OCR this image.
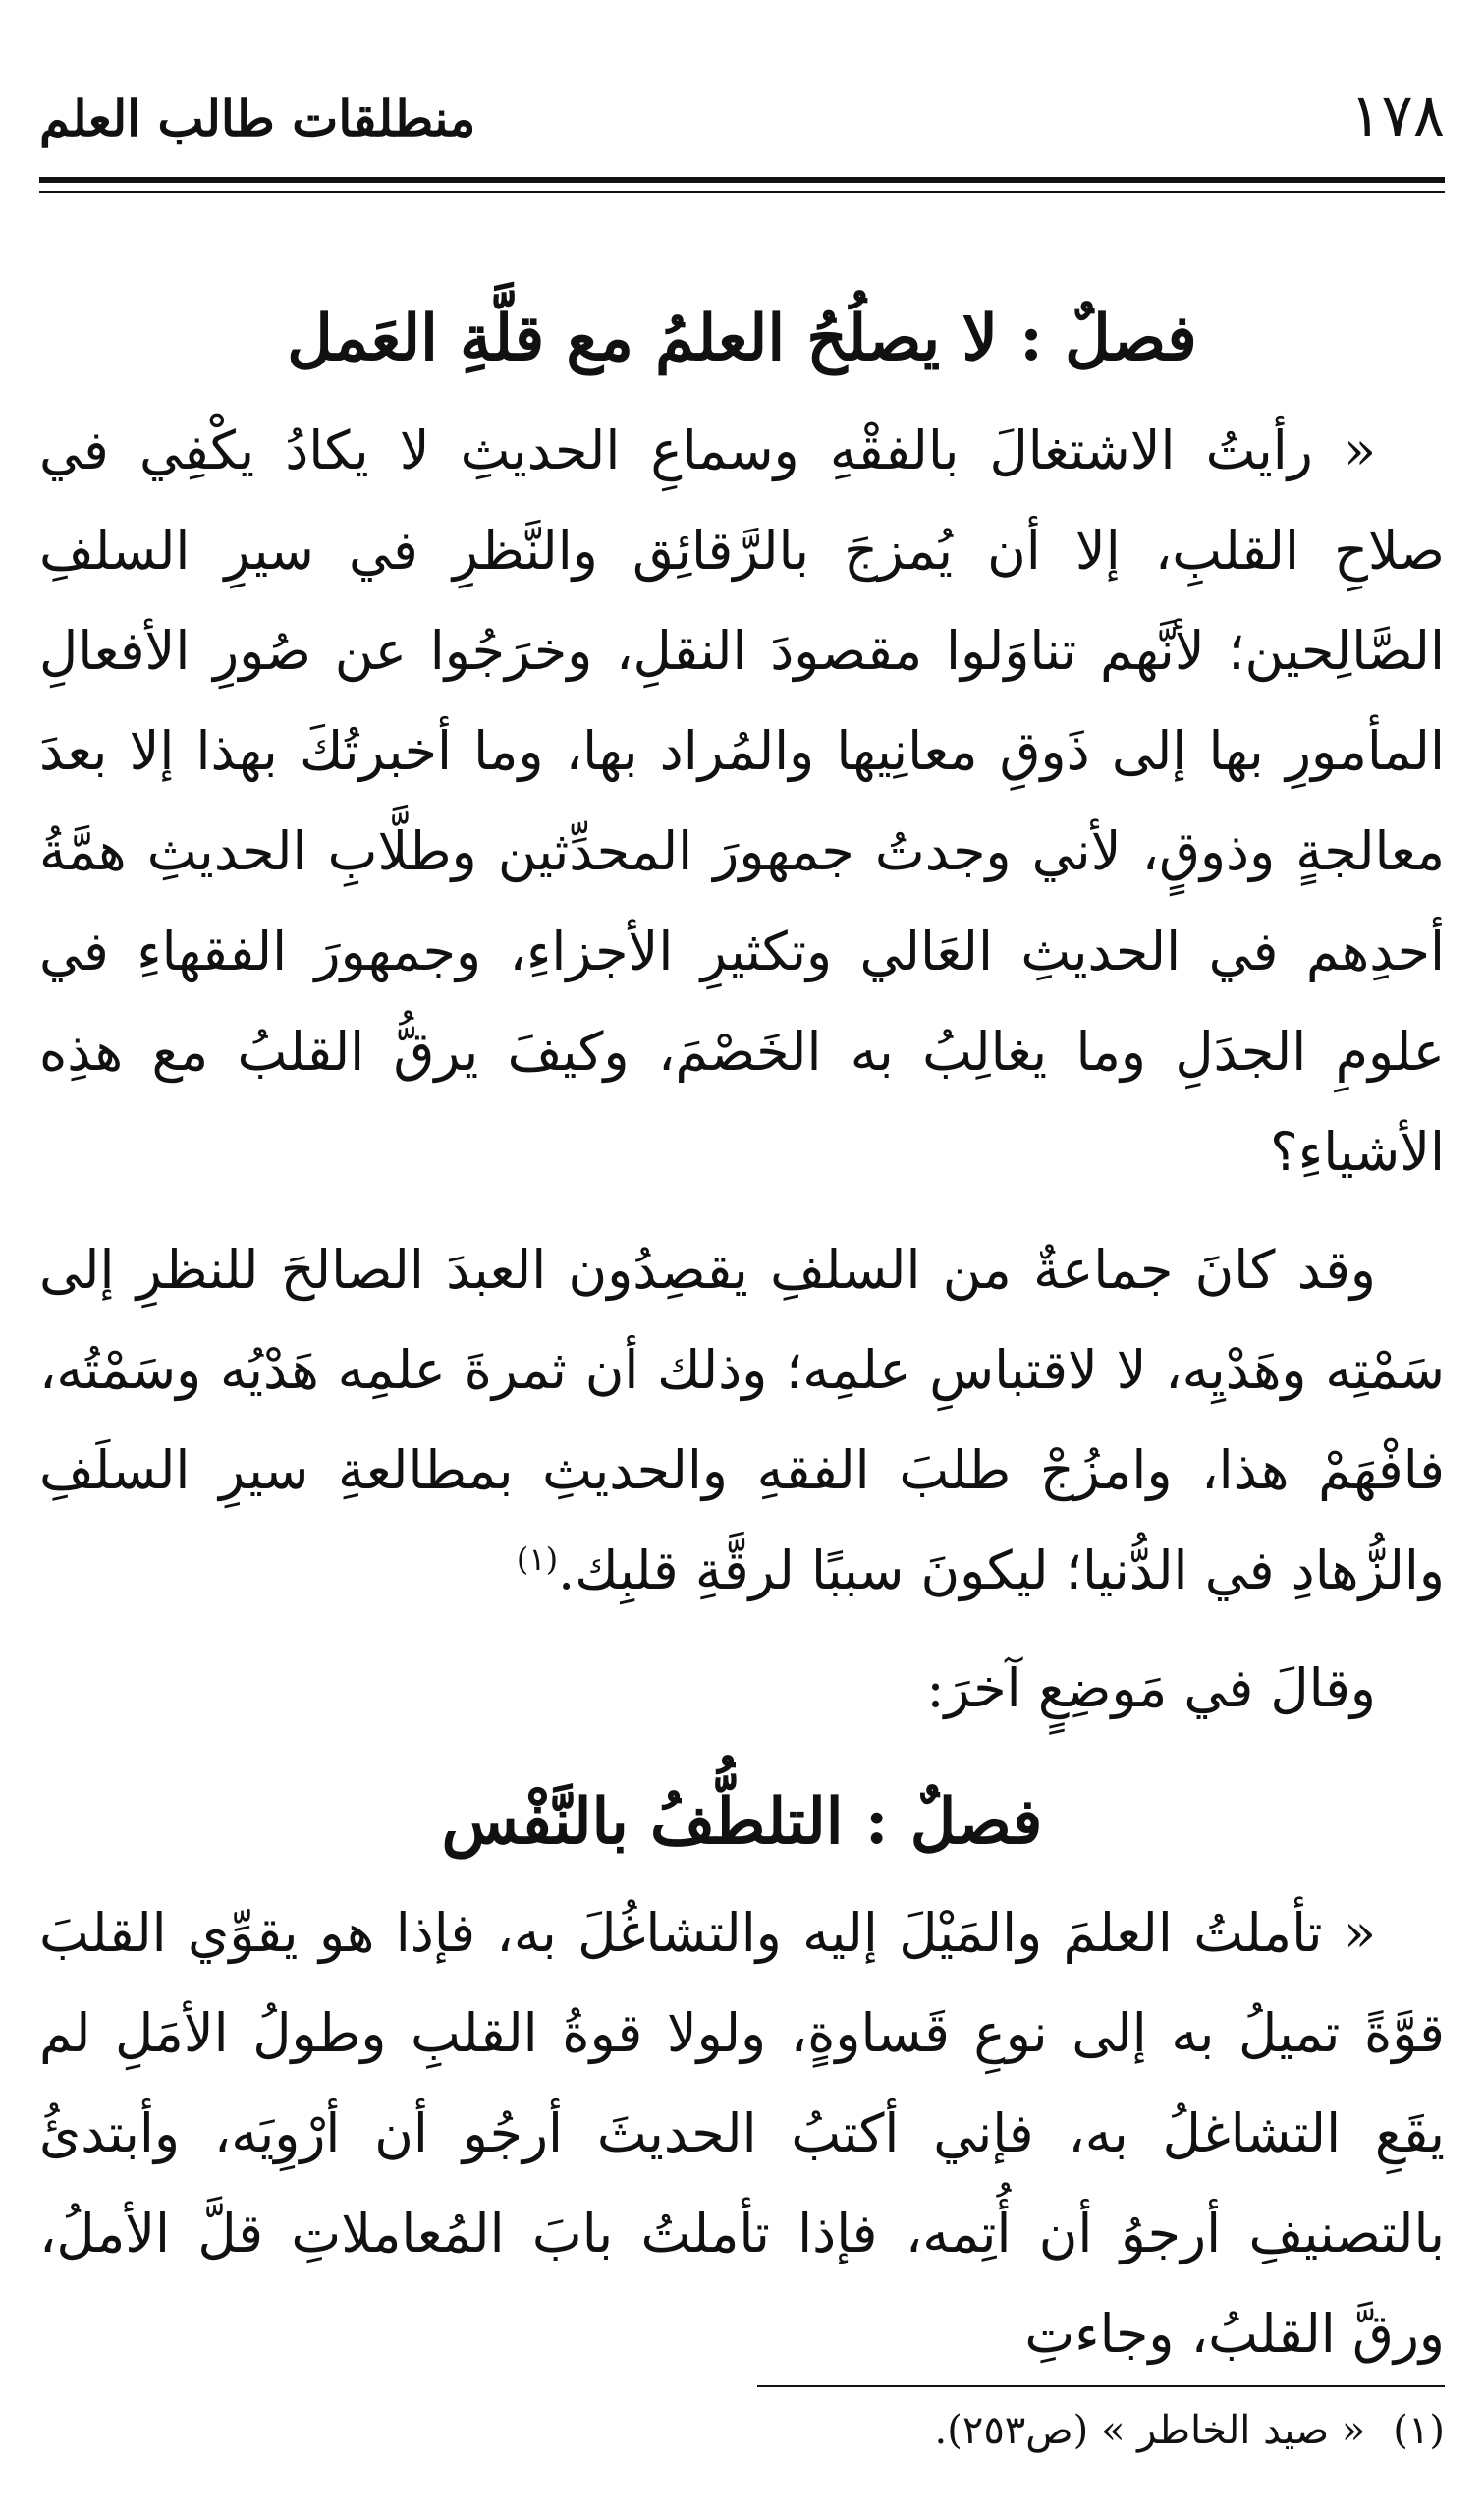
منطلقات طالب العلم	١٧٨
فصلٌ : لا يصلُحُ العلمُ مع قلَّةِ العَمل

« رأيتُ الاشتغالَ بالفقْهِ وسماعِ الحديثِ لا يكادُ يكْفِي في صلاحِ القلبِ، إلا أن يُمزجَ بالرَّقائِق والنَّظرِ في سيرِ السلفِ الصَّالِحين؛ لأنَّهم تناوَلوا مقصودَ النقلِ، وخرَجُوا عن صُورِ الأفعالِ المأمورِ بها إلى ذَوقِ معانِيها والمُراد بها، وما أخبرتُكَ بهذا إلا بعدَ معالجةٍ وذوقٍ، لأني وجدتُ جمهورَ المحدِّثين وطلَّابِ الحديثِ همَّةُ أحدِهم في الحديثِ العَالي وتكثيرِ الأجزاءِ، وجمهورَ الفقهاءِ في علومِ الجدَلِ وما يغالِبُ به الخَصْمَ، وكيفَ يرقُّ القلبُ مع هذِه الأشياءِ؟

وقد كانَ جماعةٌ من السلفِ يقصِدُون العبدَ الصالحَ للنظرِ إلى سَمْتِه وهَدْيِه، لا لاقتباسِ علمِه؛ وذلك أن ثمرةَ علمِه هَدْيُه وسَمْتُه، فافْهَمْ هذا، وامزُجْ طلبَ الفقهِ والحديثِ بمطالعةِ سيرِ السلَفِ والزُّهادِ في الدُّنيا؛ ليكونَ سببًا لرقَّةِ قلبِك.$^{(١)}$

وقالَ في مَوضِعٍ آخرَ:

فصلٌ : التلطُّفُ بالنَّفْس

« تأملتُ العلمَ والمَيْلَ إليه والتشاغُلَ به، فإذا هو يقوِّي القلبَ قوَّةً تميلُ به إلى نوعِ قَساوةٍ، ولولا قوةُ القلبِ وطولُ الأمَلِ لم يقَعِ التشاغلُ به، فإني أكتبُ الحديثَ أرجُو أن أرْوِيَه، وأبتدئُ بالتصنيفِ أرجوُ أن أُتِمه، فإذا تأملتُ بابَ المُعاملاتِ قلَّ الأملُ، ورقَّ القلبُ، وجاءتِ

(١)« صيد الخاطر » (ص٢٥٣).
